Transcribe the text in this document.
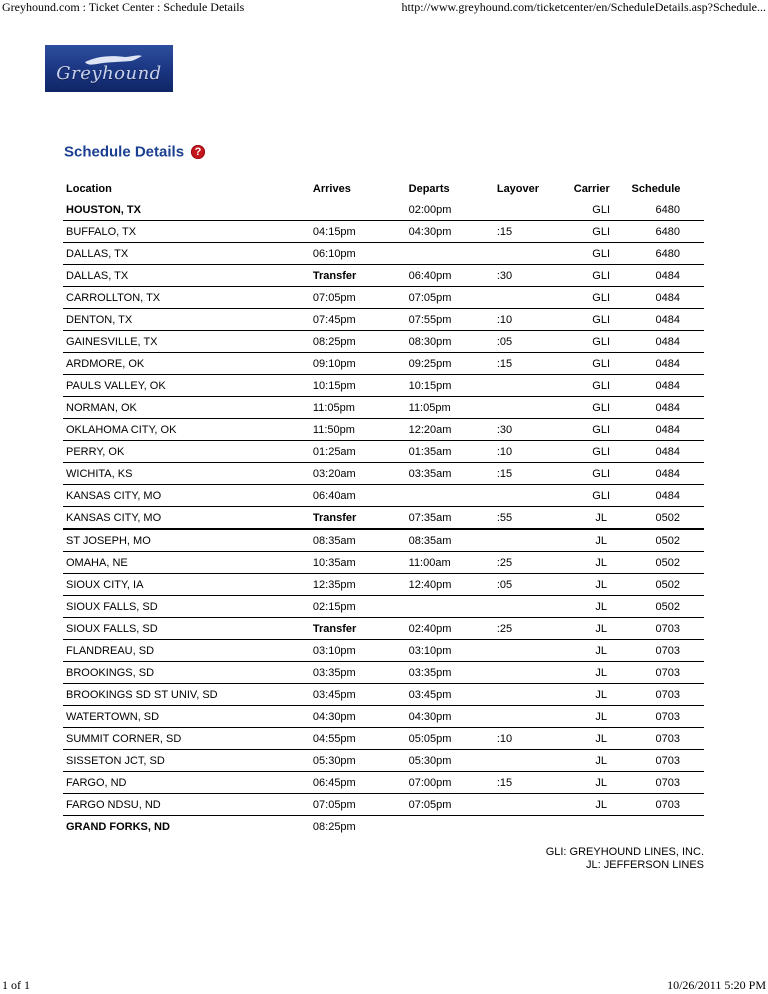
Greyhound.com : Ticket Center : Schedule Details	http://www.greyhound.com/ticketcenter/en/ScheduleDetails.asp?Schedule...
Greyhound
Schedule Details ?
Location	Arrives	Departs	Layover	Carrier	Schedule
HOUSTON, TX		02:00pm		GLI	6480
BUFFALO, TX	04:15pm	04:30pm	:15	GLI	6480
DALLAS, TX	06:10pm			GLI	6480
DALLAS, TX	Transfer	06:40pm	:30	GLI	0484
CARROLLTON, TX	07:05pm	07:05pm		GLI	0484
DENTON, TX	07:45pm	07:55pm	:10	GLI	0484
GAINESVILLE, TX	08:25pm	08:30pm	:05	GLI	0484
ARDMORE, OK	09:10pm	09:25pm	:15	GLI	0484
PAULS VALLEY, OK	10:15pm	10:15pm		GLI	0484
NORMAN, OK	11:05pm	11:05pm		GLI	0484
OKLAHOMA CITY, OK	11:50pm	12:20am	:30	GLI	0484
PERRY, OK	01:25am	01:35am	:10	GLI	0484
WICHITA, KS	03:20am	03:35am	:15	GLI	0484
KANSAS CITY, MO	06:40am			GLI	0484
KANSAS CITY, MO	Transfer	07:35am	:55	JL	0502
ST JOSEPH, MO	08:35am	08:35am		JL	0502
OMAHA, NE	10:35am	11:00am	:25	JL	0502
SIOUX CITY, IA	12:35pm	12:40pm	:05	JL	0502
SIOUX FALLS, SD	02:15pm			JL	0502
SIOUX FALLS, SD	Transfer	02:40pm	:25	JL	0703
FLANDREAU, SD	03:10pm	03:10pm		JL	0703
BROOKINGS, SD	03:35pm	03:35pm		JL	0703
BROOKINGS SD ST UNIV, SD	03:45pm	03:45pm		JL	0703
WATERTOWN, SD	04:30pm	04:30pm		JL	0703
SUMMIT CORNER, SD	04:55pm	05:05pm	:10	JL	0703
SISSETON JCT, SD	05:30pm	05:30pm		JL	0703
FARGO, ND	06:45pm	07:00pm	:15	JL	0703
FARGO NDSU, ND	07:05pm	07:05pm		JL	0703
GRAND FORKS, ND	08:25pm				
GLI: GREYHOUND LINES, INC.
JL: JEFFERSON LINES
1 of 1	10/26/2011 5:20 PM
